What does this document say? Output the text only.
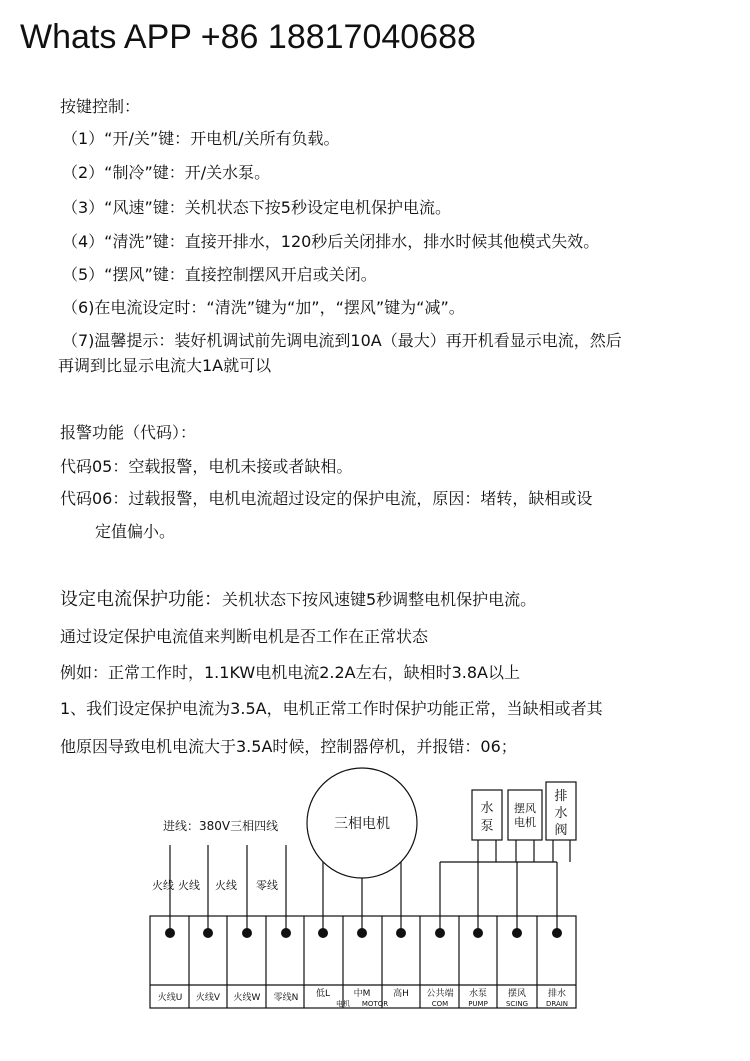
Whats APP +86 18817040688
按键控制：
（1）“开/关”键：开电机/关所有负载。
（2）“制冷”键：开/关水泵。
（3）“风速”键：关机状态下按5秒设定电机保护电流。
（4）“清洗”键：直接开排水，120秒后关闭排水，排水时候其他模式失效。
（5）“摆风”键：直接控制摆风开启或关闭。
（6)在电流设定时：“清洗”键为“加”，“摆风”键为“减”。
（7)温馨提示：装好机调试前先调电流到10A（最大）再开机看显示电流，然后
再调到比显示电流大1A就可以
报警功能（代码）：
代码05：空载报警，电机未接或者缺相。
代码06：过载报警，电机电流超过设定的保护电流，原因：堵转，缺相或设
定值偏小。
设定电流保护功能：关机状态下按风速键5秒调整电机保护电流。
通过设定保护电流值来判断电机是否工作在正常状态
例如：正常工作时，1.1KW电机电流2.2A左右，缺相时3.8A以上
1、我们设定保护电流为3.5A，电机正常工作时保护功能正常，当缺相或者其
他原因导致电机电流大于3.5A时候，控制器停机，并报错：06；
进线：380V三相四线	三相电机
火线 火线 火线 零线
水
泵
摆风
电机
排
水
阀
火线U 火线V 火线W 零线N 低L	中M	高H 公共端 水泵 摆风 排水
电机 MOTOR	COM	PUMP	SCING	DRAIN
